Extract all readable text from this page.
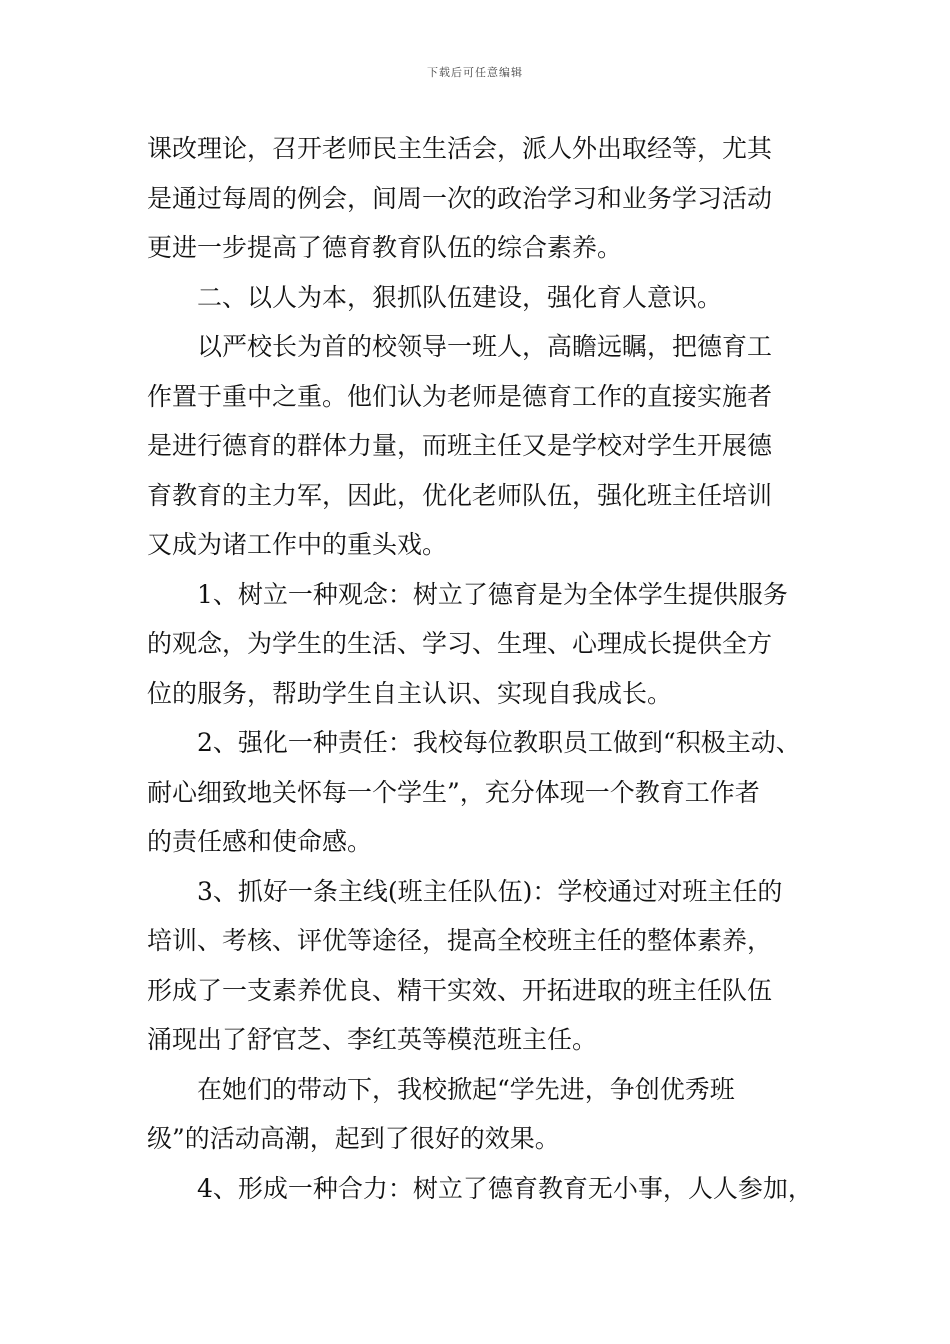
下载后可任意编辑
课改理论，召开老师民主生活会，派人外出取经等，尤其
是通过每周的例会，间周一次的政治学习和业务学习活动
更进一步提高了德育教育队伍的综合素养。
二、以人为本，狠抓队伍建设，强化育人意识。
以严校长为首的校领导一班人，高瞻远瞩，把德育工
作置于重中之重。他们认为老师是德育工作的直接实施者
是进行德育的群体力量，而班主任又是学校对学生开展德
育教育的主力军，因此，优化老师队伍，强化班主任培训
又成为诸工作中的重头戏。
1、树立一种观念：树立了德育是为全体学生提供服务
的观念，为学生的生活、学习、生理、心理成长提供全方
位的服务，帮助学生自主认识、实现自我成长。
2、强化一种责任：我校每位教职员工做到“积极主动、
耐心细致地关怀每一个学生”，充分体现一个教育工作者
的责任感和使命感。
3、抓好一条主线(班主任队伍)：学校通过对班主任的
培训、考核、评优等途径，提高全校班主任的整体素养，
形成了一支素养优良、精干实效、开拓进取的班主任队伍
涌现出了舒官芝、李红英等模范班主任。
在她们的带动下，我校掀起“学先进，争创优秀班
级”的活动高潮，起到了很好的效果。
4、形成一种合力：树立了德育教育无小事，人人参加，
